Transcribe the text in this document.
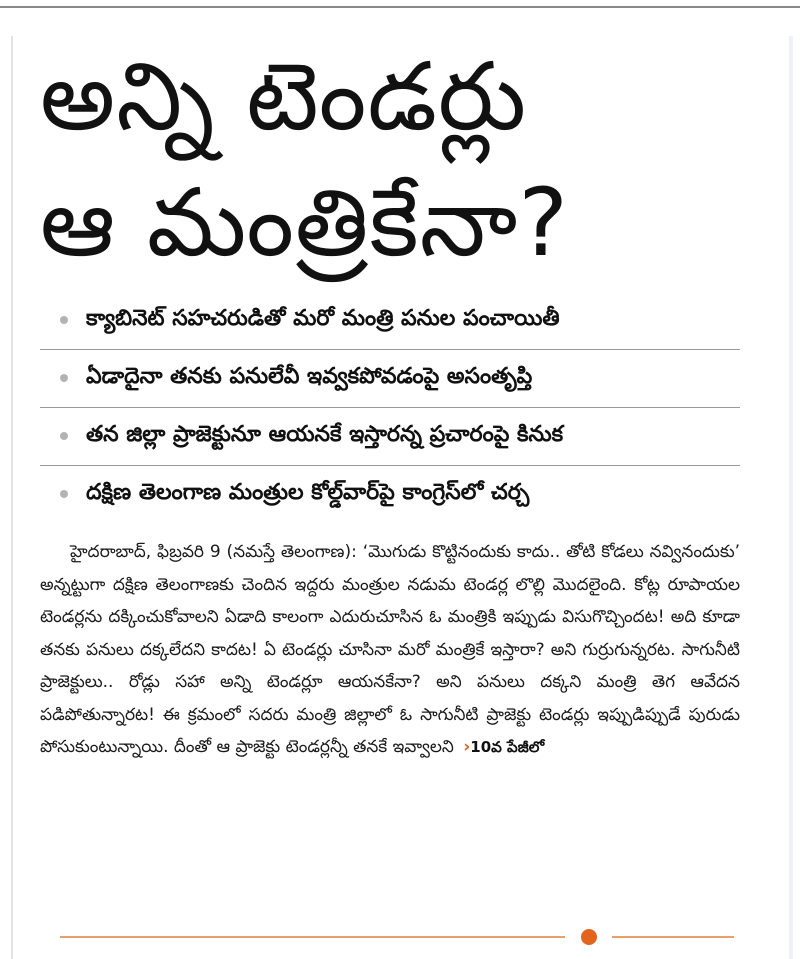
అన్ని టెండర్లు
ఆ మంత్రికేనా?
క్యాబినెట్ సహచరుడితో మరో మంత్రి పనుల పంచాయితీ
ఏడాదైనా తనకు పనులేవీ ఇవ్వకపోవడంపై అసంతృప్తి
తన జిల్లా ప్రాజెక్టునూ ఆయనకే ఇస్తారన్న ప్రచారంపై కినుక
దక్షిణ తెలంగాణ మంత్రుల కోల్డ్‌వార్‌పై కాంగ్రెస్‌లో చర్చ

హైదరాబాద్, ఫిబ్రవరి 9 (నమస్తే తెలంగాణ): ‘మొగుడు కొట్టినందుకు కాదు.. తోటి కోడలు నవ్వినందుకు’ అన్నట్టుగా దక్షిణ తెలంగాణకు చెందిన ఇద్దరు మంత్రుల నడుమ టెండర్ల లొల్లి మొదలైంది. కోట్ల రూపాయల టెండర్లను దక్కించుకోవాలని ఏడాది కాలంగా ఎదురుచూసిన ఓ మంత్రికి ఇప్పుడు విసుగొచ్చిందట! అది కూడా తనకు పనులు దక్కలేదని కాదట! ఏ టెండర్లు చూసినా మరో మంత్రికే ఇస్తారా? అని గుర్రుగున్నరట. సాగునీటి ప్రాజెక్టులు.. రోడ్లు సహా అన్ని టెండర్లూ ఆయనకేనా? అని పనులు దక్కని మంత్రి తెగ ఆవేదన పడిపోతున్నారట! ఈ క్రమంలో సదరు మంత్రి జిల్లాలో ఓ సాగునీటి ప్రాజెక్టు టెండర్లు ఇప్పుడిప్పుడే పురుడు పోసుకుంటున్నాయి. దీంతో ఆ ప్రాజెక్టు టెండర్లన్నీ తనకే ఇవ్వాలని ›10వ పేజీలో
